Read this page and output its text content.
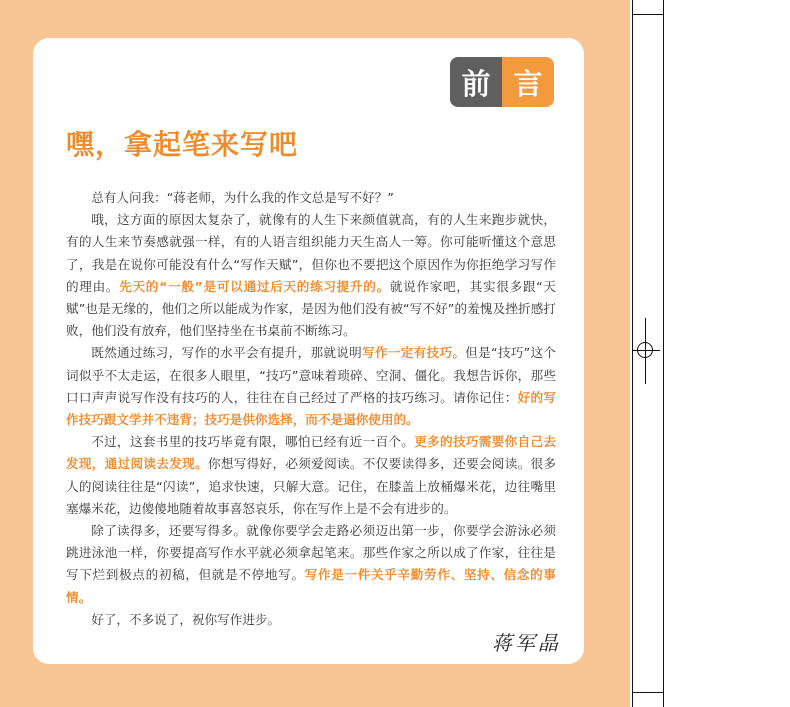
前 言
嘿，拿起笔来写吧

总有人问我：“蒋老师，为什么我的作文总是写不好？”

哦，这方面的原因太复杂了，就像有的人生下来颜值就高，有的人生来跑步就快，有的人生来节奏感就强一样，有的人语言组织能力天生高人一筹。你可能听懂这个意思了，我是在说你可能没有什么“写作天赋”，但你也不要把这个原因作为你拒绝学习写作的理由。先天的“一般”是可以通过后天的练习提升的。就说作家吧，其实很多跟“天赋”也是无缘的，他们之所以能成为作家，是因为他们没有被“写不好”的羞愧及挫折感打败，他们没有放弃，他们坚持坐在书桌前不断练习。

既然通过练习，写作的水平会有提升，那就说明写作一定有技巧。但是“技巧”这个词似乎不太走运，在很多人眼里，“技巧”意味着琐碎、空洞、僵化。我想告诉你，那些口口声声说写作没有技巧的人，往往在自己经过了严格的技巧练习。请你记住：好的写作技巧跟文学并不违背；技巧是供你选择，而不是逼你使用的。

不过，这套书里的技巧毕竟有限，哪怕已经有近一百个。更多的技巧需要你自己去发现，通过阅读去发现。你想写得好，必须爱阅读。不仅要读得多，还要会阅读。很多人的阅读往往是“闪读”，追求快速，只解大意。记住，在膝盖上放桶爆米花，边往嘴里塞爆米花，边傻傻地随着故事喜怒哀乐，你在写作上是不会有进步的。

除了读得多，还要写得多。就像你要学会走路必须迈出第一步，你要学会游泳必须跳进泳池一样，你要提高写作水平就必须拿起笔来。那些作家之所以成了作家，往往是写下烂到极点的初稿，但就是不停地写。写作是一件关乎辛勤劳作、坚持、信念的事情。

好了，不多说了，祝你写作进步。

蒋军晶
